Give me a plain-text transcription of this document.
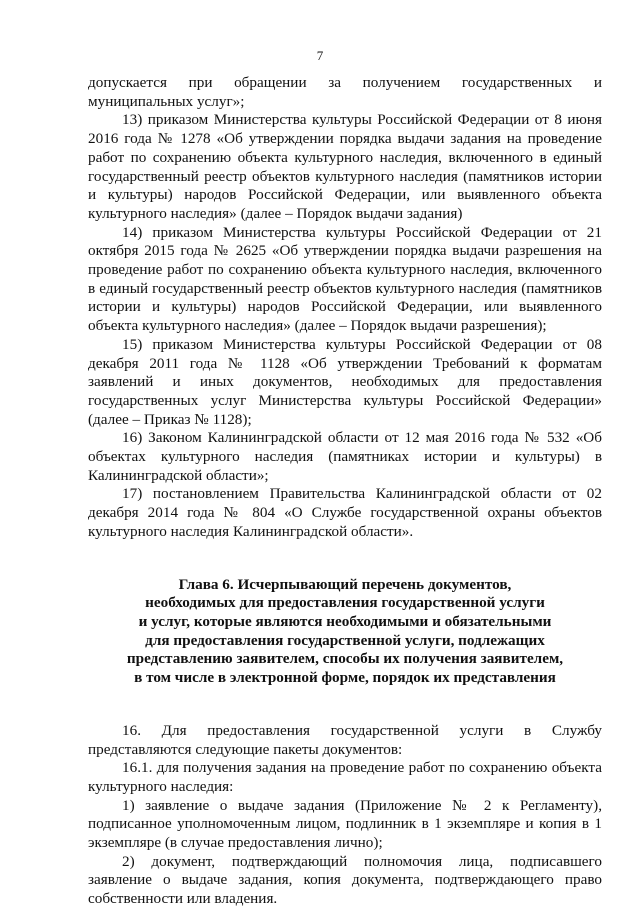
7

допускается при обращении за получением государственных и муниципальных услуг»;

13) приказом Министерства культуры Российской Федерации от 8 июня 2016 года № 1278 «Об утверждении порядка выдачи задания на проведение работ по сохранению объекта культурного наследия, включенного в единый государственный реестр объектов культурного наследия (памятников истории и культуры) народов Российской Федерации, или выявленного объекта культурного наследия» (далее – Порядок выдачи задания)

14) приказом Министерства культуры Российской Федерации от 21 октября 2015 года № 2625 «Об утверждении порядка выдачи разрешения на проведение работ по сохранению объекта культурного наследия, включенного в единый государственный реестр объектов культурного наследия (памятников истории и культуры) народов Российской Федерации, или выявленного объекта культурного наследия» (далее – Порядок выдачи разрешения);

15) приказом Министерства культуры Российской Федерации от 08 декабря 2011 года № 1128 «Об утверждении Требований к форматам заявлений и иных документов, необходимых для предоставления государственных услуг Министерства культуры Российской Федерации» (далее – Приказ № 1128);

16) Законом Калининградской области от 12 мая 2016 года № 532 «Об объектах культурного наследия (памятниках истории и культуры) в Калининградской области»;

17) постановлением Правительства Калининградской области от 02 декабря 2014 года № 804 «О Службе государственной охраны объектов культурного наследия Калининградской области».

Глава 6. Исчерпывающий перечень документов,
необходимых для предоставления государственной услуги
и услуг, которые являются необходимыми и обязательными
для предоставления государственной услуги, подлежащих
представлению заявителем, способы их получения заявителем,
в том числе в электронной форме, порядок их представления

16. Для предоставления государственной услуги в Службу представляются следующие пакеты документов:

16.1. для получения задания на проведение работ по сохранению объекта культурного наследия:

1) заявление о выдаче задания (Приложение № 2 к Регламенту), подписанное уполномоченным лицом, подлинник в 1 экземпляре и копия в 1 экземпляре (в случае предоставления лично);

2) документ, подтверждающий полномочия лица, подписавшего заявление о выдаче задания, копия документа, подтверждающего право собственности или владения.
